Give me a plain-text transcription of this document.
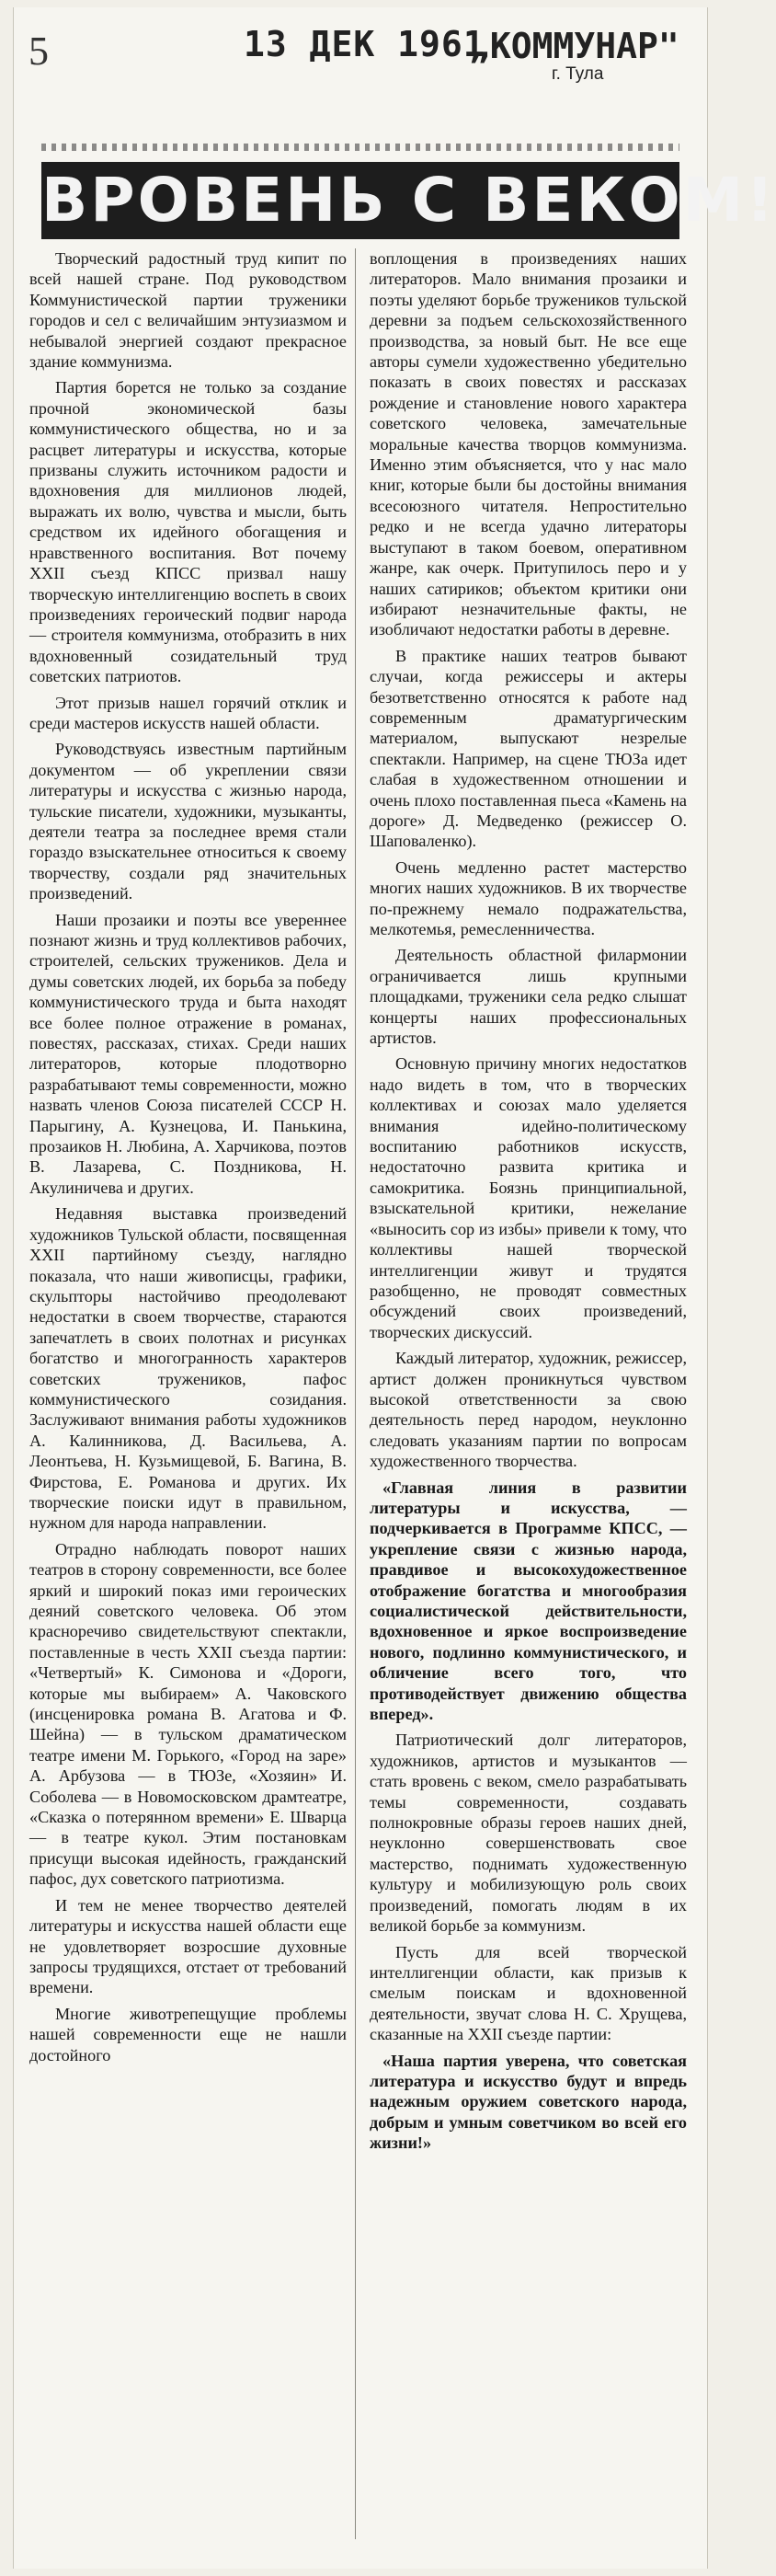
5	13 ДЕК 1961
„КОММУНАР"
г. Тула
ВРОВЕНЬ С ВЕКОМ!

Творческий радостный труд кипит по всей нашей стране. Под руководством Коммунистической партии труженики городов и сел с величайшим энтузиазмом и небывалой энергией создают прекрасное здание коммунизма.

Партия борется не только за создание прочной экономической базы коммунистического общества, но и за расцвет литературы и искусства, которые призваны служить источником радости и вдохновения для миллионов людей, выражать их волю, чувства и мысли, быть средством их идейного обогащения и нравственного воспитания. Вот почему XXII съезд КПСС призвал нашу творческую интеллигенцию воспеть в своих произведениях героический подвиг народа — строителя коммунизма, отобразить в них вдохновенный созидательный труд советских патриотов.

Этот призыв нашел горячий отклик и среди мастеров искусств нашей области.

Руководствуясь известным партийным документом — об укреплении связи литературы и искусства с жизнью народа, тульские писатели, художники, музыканты, деятели театра за последнее время стали гораздо взыскательнее относиться к своему творчеству, создали ряд значительных произведений.

Наши прозаики и поэты все увереннее познают жизнь и труд коллективов рабочих, строителей, сельских тружеников. Дела и думы советских людей, их борьба за победу коммунистического труда и быта находят все более полное отражение в романах, повестях, рассказах, стихах. Среди наших литераторов, которые плодотворно разрабатывают темы современности, можно назвать членов Союза писателей СССР Н. Парыгину, А. Кузнецова, И. Панькина, прозаиков Н. Любина, А. Харчикова, поэтов В. Лазарева, С. Поздникова, Н. Акулиничева и других.

Недавняя выставка произведений художников Тульской области, посвященная XXII партийному съезду, наглядно показала, что наши живописцы, графики, скульпторы настойчиво преодолевают недостатки в своем творчестве, стараются запечатлеть в своих полотнах и рисунках богатство и многогранность характеров советских тружеников, пафос коммунистического созидания. Заслуживают внимания работы художников А. Калинникова, Д. Васильева, А. Леонтьева, Н. Кузьмищевой, Б. Вагина, В. Фирстова, Е. Романова и других. Их творческие поиски идут в правильном, нужном для народа направлении.

Отрадно наблюдать поворот наших театров в сторону современности, все более яркий и широкий показ ими героических деяний советского человека. Об этом красноречиво свидетельствуют спектакли, поставленные в честь XXII съезда партии: «Четвертый» К. Симонова и «Дороги, которые мы выбираем» А. Чаковского (инсценировка романа В. Агатова и Ф. Шейна) — в тульском драматическом театре имени М. Горького, «Город на заре» А. Арбузова — в ТЮЗе, «Хозяин» И. Соболева — в Новомосковском драмтеатре, «Сказка о потерянном времени» Е. Шварца — в театре кукол. Этим постановкам присущи высокая идейность, гражданский пафос, дух советского патриотизма.

И тем не менее творчество деятелей литературы и искусства нашей области еще не удовлетворяет возросшие духовные запросы трудящихся, отстает от требований времени.

Многие животрепещущие проблемы нашей современности еще не нашли достойного

воплощения в произведениях наших литераторов. Мало внимания прозаики и поэты уделяют борьбе тружеников тульской деревни за подъем сельскохозяйственного производства, за новый быт. Не все еще авторы сумели художественно убедительно показать в своих повестях и рассказах рождение и становление нового характера советского человека, замечательные моральные качества творцов коммунизма. Именно этим объясняется, что у нас мало книг, которые были бы достойны внимания всесоюзного читателя. Непростительно редко и не всегда удачно литераторы выступают в таком боевом, оперативном жанре, как очерк. Притупилось перо и у наших сатириков; объектом критики они избирают незначительные факты, не изобличают недостатки работы в деревне.

В практике наших театров бывают случаи, когда режиссеры и актеры безответственно относятся к работе над современным драматургическим материалом, выпускают незрелые спектакли. Например, на сцене ТЮЗа идет слабая в художественном отношении и очень плохо поставленная пьеса «Камень на дороге» Д. Медведенко (режиссер О. Шаповаленко).

Очень медленно растет мастерство многих наших художников. В их творчестве по-прежнему немало подражательства, мелкотемья, ремесленничества.

Деятельность областной филармонии ограничивается лишь крупными площадками, труженики села редко слышат концерты наших профессиональных артистов.

Основную причину многих недостатков надо видеть в том, что в творческих коллективах и союзах мало уделяется внимания идейно-политическому воспитанию работников искусств, недостаточно развита критика и самокритика. Боязнь принципиальной, взыскательной критики, нежелание «выносить сор из избы» привели к тому, что коллективы нашей творческой интеллигенции живут и трудятся разобщенно, не проводят совместных обсуждений своих произведений, творческих дискуссий.

Каждый литератор, художник, режиссер, артист должен проникнуться чувством высокой ответственности за свою деятельность перед народом, неуклонно следовать указаниям партии по вопросам художественного творчества.

«Главная линия в развитии литературы и искусства, — подчеркивается в Программе КПСС, — укрепление связи с жизнью народа, правдивое и высокохудожественное отображение богатства и многообразия социалистической действительности, вдохновенное и яркое воспроизведение нового, подлинно коммунистического, и обличение всего того, что противодействует движению общества вперед».

Патриотический долг литераторов, художников, артистов и музыкантов — стать вровень с веком, смело разрабатывать темы современности, создавать полнокровные образы героев наших дней, неуклонно совершенствовать свое мастерство, поднимать художественную культуру и мобилизующую роль своих произведений, помогать людям в их великой борьбе за коммунизм.

Пусть для всей творческой интеллигенции области, как призыв к смелым поискам и вдохновенной деятельности, звучат слова Н. С. Хрущева, сказанные на XXII съезде партии:

«Наша партия уверена, что советская литература и искусство будут и впредь надежным оружием советского народа, добрым и умным советчиком во всей его жизни!»
